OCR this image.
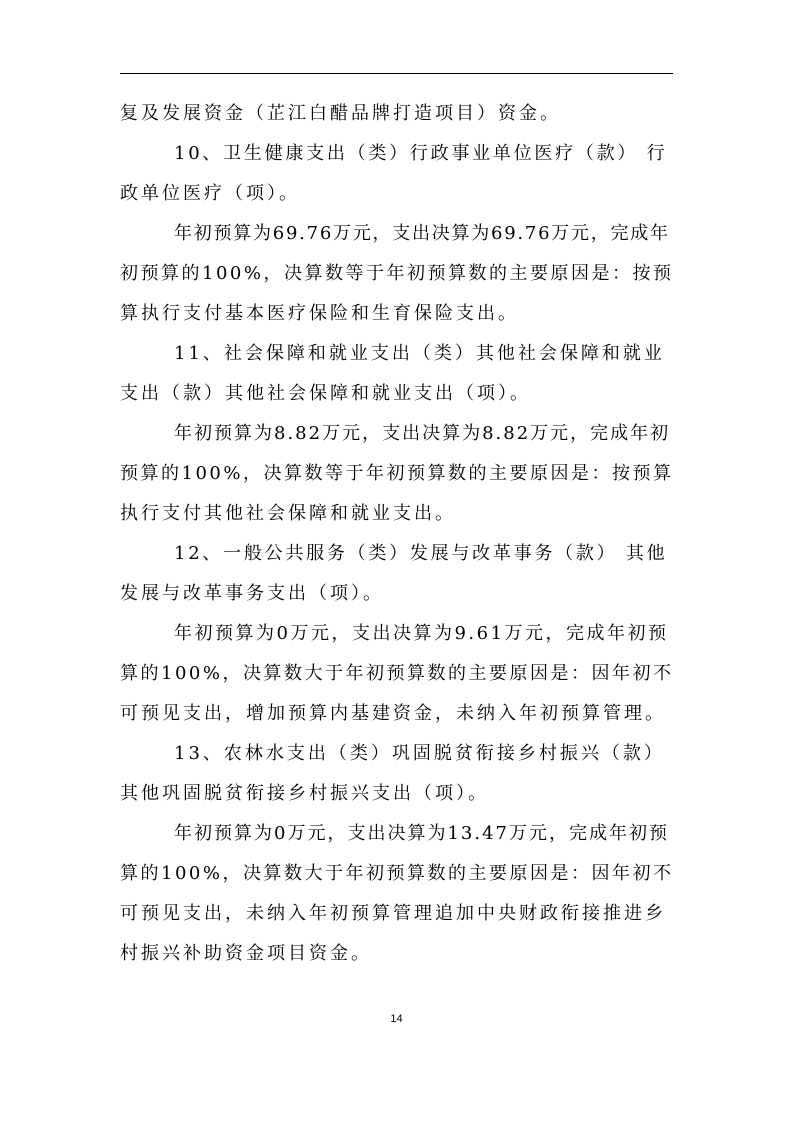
复及发展资金（芷江白醋品牌打造项目）资金。
10、卫生健康支出（类）行政事业单位医疗（款） 行
政单位医疗（项）。
年初预算为69.76万元，支出决算为69.76万元，完成年
初预算的100%，决算数等于年初预算数的主要原因是：按预
算执行支付基本医疗保险和生育保险支出。
11、社会保障和就业支出（类）其他社会保障和就业
支出（款）其他社会保障和就业支出（项）。
年初预算为8.82万元，支出决算为8.82万元，完成年初
预算的100%，决算数等于年初预算数的主要原因是：按预算
执行支付其他社会保障和就业支出。
12、一般公共服务（类）发展与改革事务（款） 其他
发展与改革事务支出（项）。
年初预算为0万元，支出决算为9.61万元，完成年初预
算的100%，决算数大于年初预算数的主要原因是：因年初不
可预见支出，增加预算内基建资金，未纳入年初预算管理。
13、农林水支出（类）巩固脱贫衔接乡村振兴（款）
其他巩固脱贫衔接乡村振兴支出（项）。
年初预算为0万元，支出决算为13.47万元，完成年初预
算的100%，决算数大于年初预算数的主要原因是：因年初不
可预见支出，未纳入年初预算管理追加中央财政衔接推进乡
村振兴补助资金项目资金。
14
